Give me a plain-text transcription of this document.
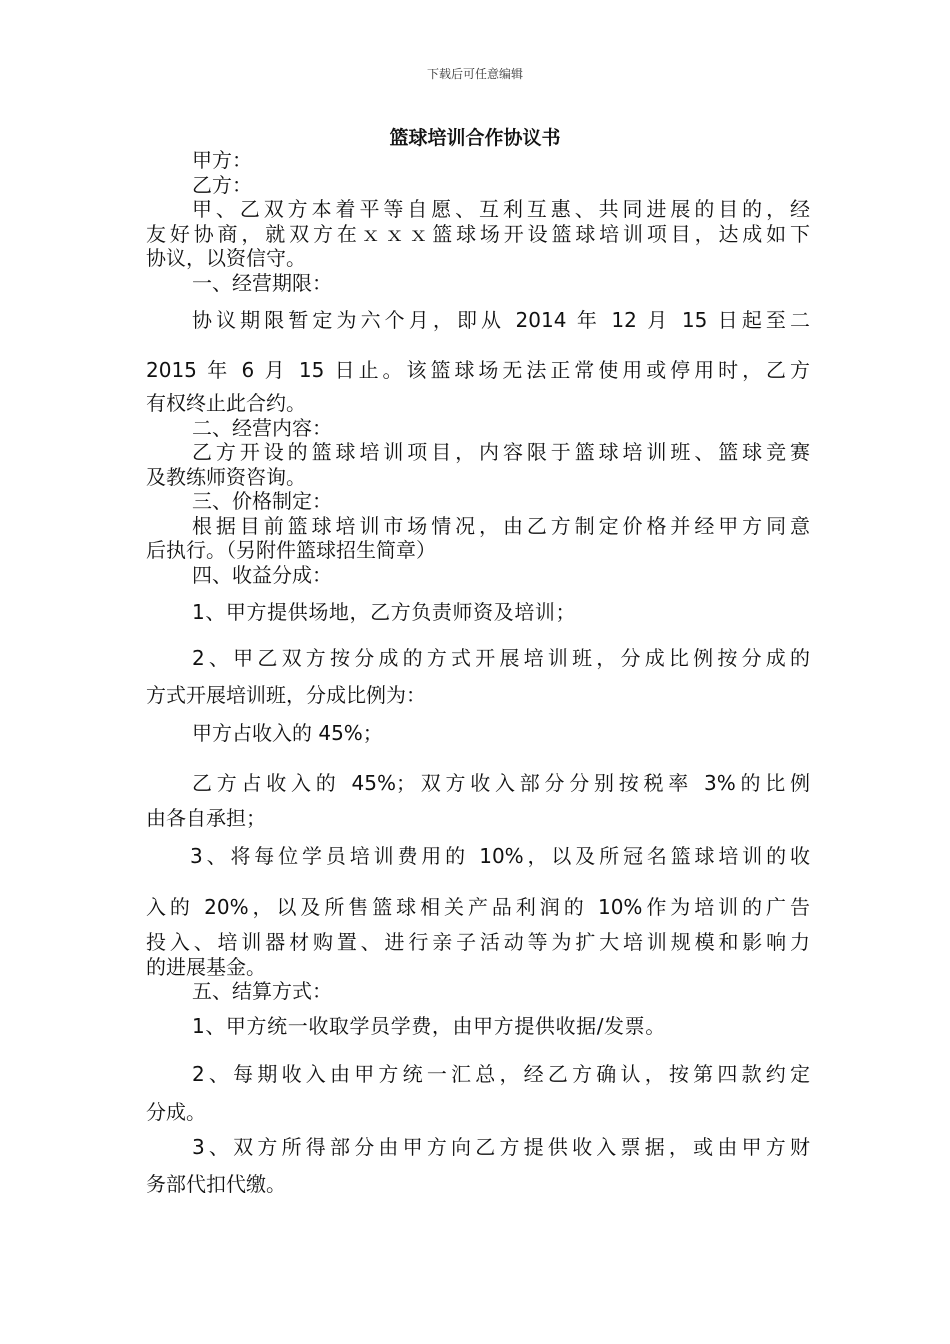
下载后可任意编辑
篮球培训合作协议书
甲方：
乙方：
甲、乙双方本着平等自愿、互利互惠、共同进展的目的，经
友好协商，就双方在ｘｘｘ篮球场开设篮球培训项目，达成如下
协议，以资信守。
一、经营期限：
协议期限暂定为六个月，即从 2014 年 12 月 15 日起至二
2015 年 6 月 15 日止。该篮球场无法正常使用或停用时，乙方
有权终止此合约。
二、经营内容：
乙方开设的篮球培训项目，内容限于篮球培训班、篮球竞赛
及教练师资咨询。
三、价格制定：
根据目前篮球培训市场情况，由乙方制定价格并经甲方同意
后执行。（另附件篮球招生简章）
四、收益分成：
1、甲方提供场地，乙方负责师资及培训；
2、甲乙双方按分成的方式开展培训班，分成比例按分成的
方式开展培训班，分成比例为：
甲方占收入的 45%；
乙方占收入的 45%；双方收入部分分别按税率 3%的比例
由各自承担；
3、将每位学员培训费用的 10%，以及所冠名篮球培训的收
入的 20%，以及所售篮球相关产品利润的 10%作为培训的广告
投入、培训器材购置、进行亲子活动等为扩大培训规模和影响力
的进展基金。
五、结算方式：
1、甲方统一收取学员学费，由甲方提供收据/发票。
2、每期收入由甲方统一汇总，经乙方确认，按第四款约定
分成。
3、双方所得部分由甲方向乙方提供收入票据，或由甲方财
务部代扣代缴。
